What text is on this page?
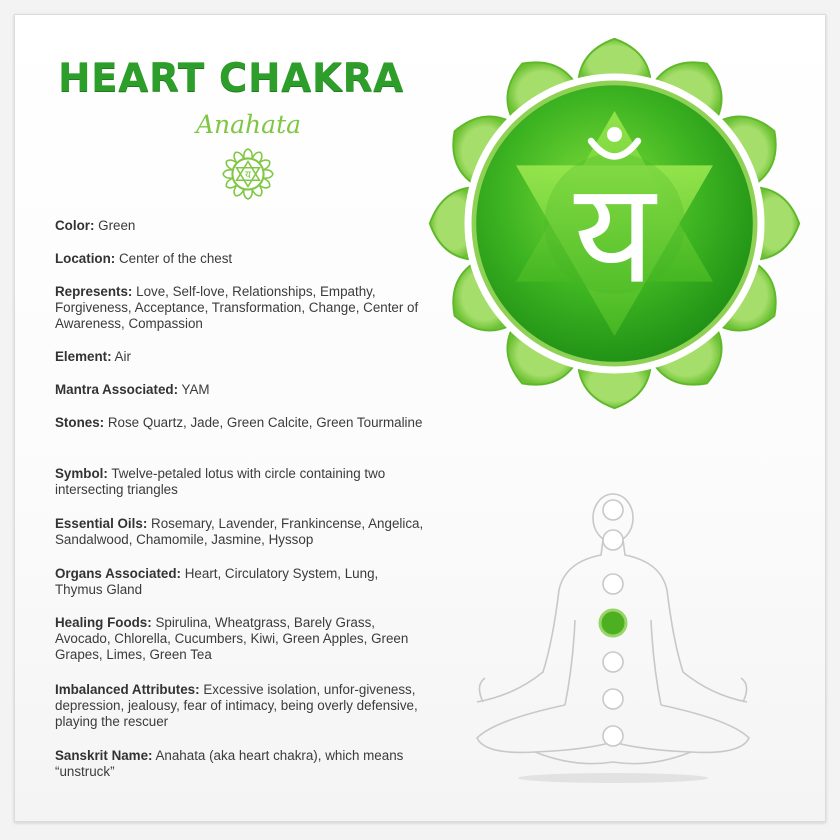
HEART CHAKRA
Anahata
य

Color: Green

Location: Center of the chest

Represents: Love, Self-love, Relationships, Empathy, Forgiveness, Acceptance, Transformation, Change, Center of Awareness, Compassion

Element: Air

Mantra Associated: YAM

Stones: Rose Quartz, Jade, Green Calcite, Green Tourmaline

Symbol: Twelve-petaled lotus with circle containing two intersecting triangles

Essential Oils: Rosemary, Lavender, Frankincense, Angelica, Sandalwood, Chamomile, Jasmine, Hyssop

Organs Associated: Heart, Circulatory System, Lung, Thymus Gland

Healing Foods: Spirulina, Wheatgrass, Barely Grass, Avocado, Chlorella, Cucumbers, Kiwi, Green Apples, Green Grapes, Limes, Green Tea

Imbalanced Attributes: Excessive isolation, unfor-giveness, depression, jealousy, fear of intimacy, being overly defensive, playing the rescuer

Sanskrit Name: Anahata (aka heart chakra), which means “unstruck”

य
